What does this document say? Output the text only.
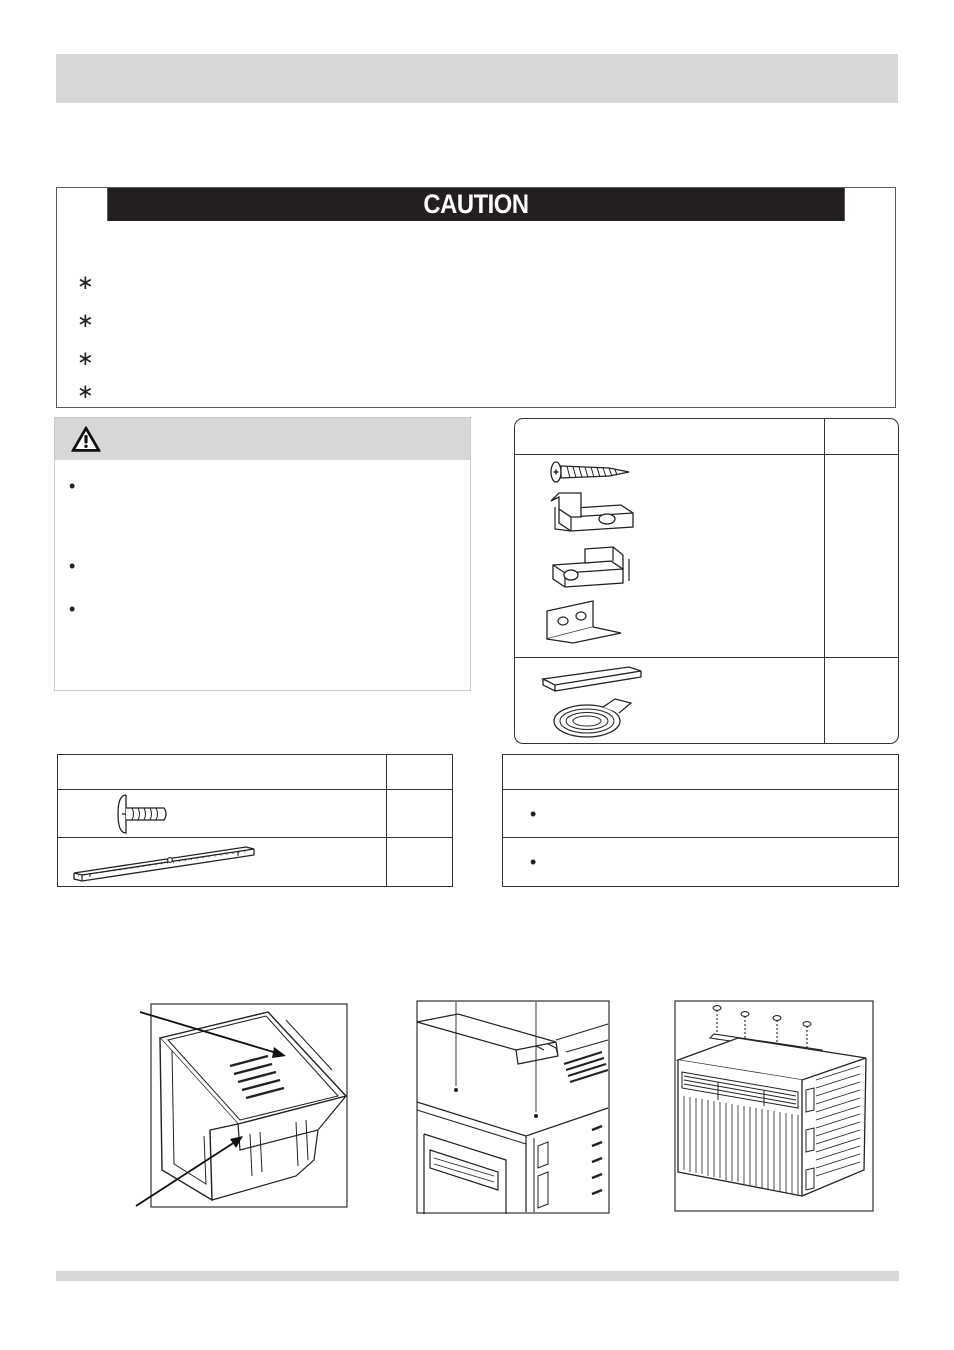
CAUTION
∗
∗
∗
∗
•
•
•
•
•
